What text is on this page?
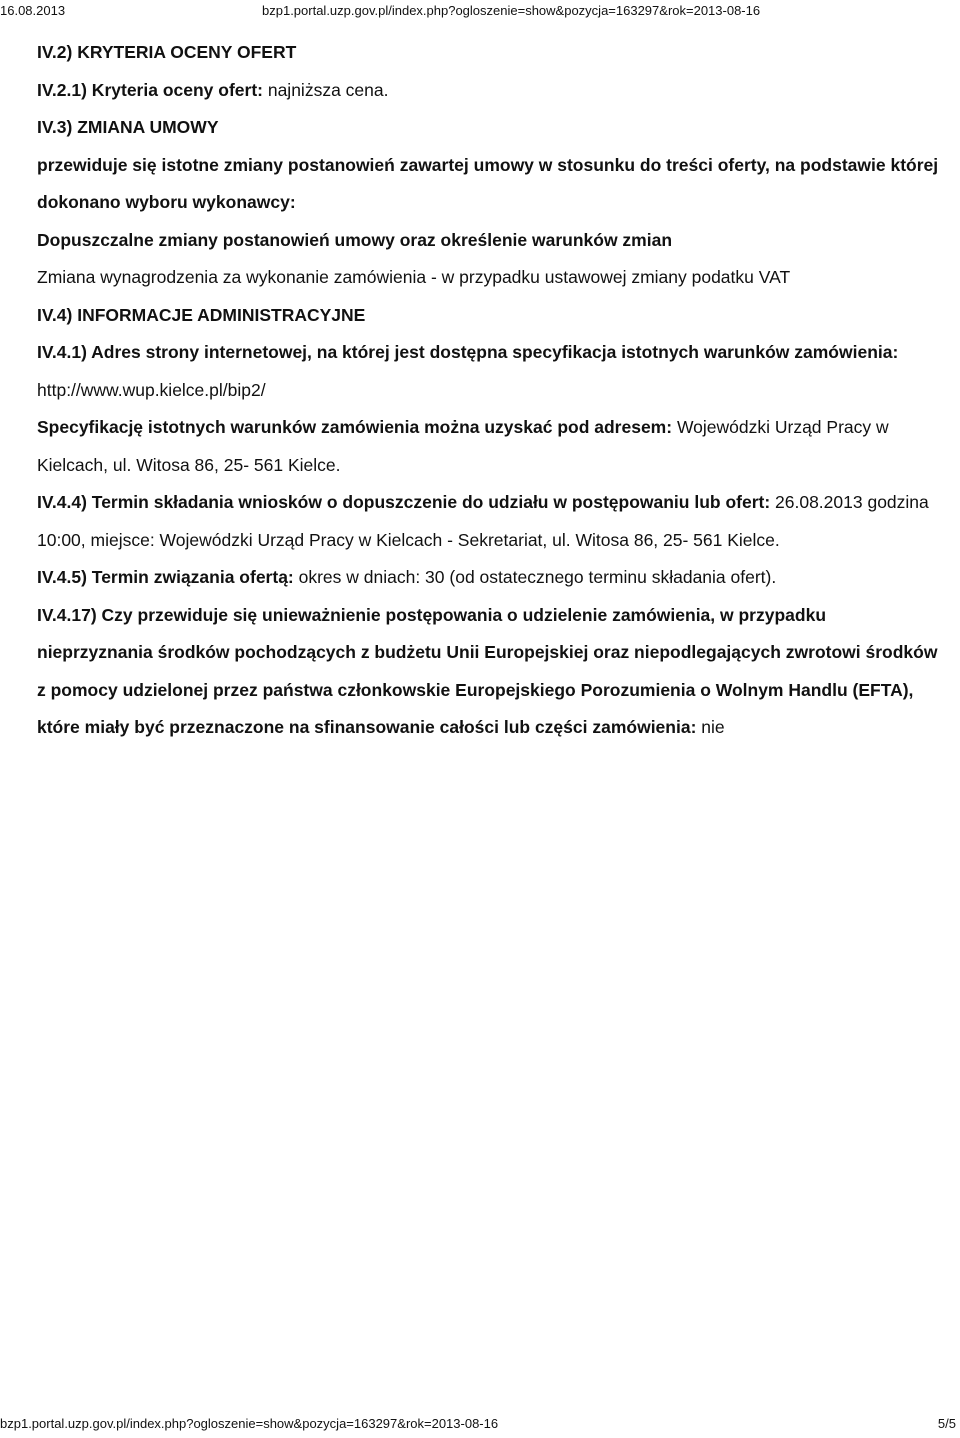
16.08.2013	bzp1.portal.uzp.gov.pl/index.php?ogloszenie=show&pozycja=163297&rok=2013-08-16

IV.2) KRYTERIA OCENY OFERT

IV.2.1) Kryteria oceny ofert: najniższa cena.

IV.3) ZMIANA UMOWY

przewiduje się istotne zmiany postanowień zawartej umowy w stosunku do treści oferty, na podstawie której dokonano wyboru wykonawcy:

Dopuszczalne zmiany postanowień umowy oraz określenie warunków zmian

Zmiana wynagrodzenia za wykonanie zamówienia - w przypadku ustawowej zmiany podatku VAT

IV.4) INFORMACJE ADMINISTRACYJNE

IV.4.1) Adres strony internetowej, na której jest dostępna specyfikacja istotnych warunków zamówienia: http://www.wup.kielce.pl/bip2/

Specyfikację istotnych warunków zamówienia można uzyskać pod adresem: Wojewódzki Urząd Pracy w Kielcach, ul. Witosa 86, 25- 561 Kielce.

IV.4.4) Termin składania wniosków o dopuszczenie do udziału w postępowaniu lub ofert: 26.08.2013 godzina 10:00, miejsce: Wojewódzki Urząd Pracy w Kielcach - Sekretariat, ul. Witosa 86, 25- 561 Kielce.

IV.4.5) Termin związania ofertą: okres w dniach: 30 (od ostatecznego terminu składania ofert).

IV.4.17) Czy przewiduje się unieważnienie postępowania o udzielenie zamówienia, w przypadku nieprzyznania środków pochodzących z budżetu Unii Europejskiej oraz niepodlegających zwrotowi środków z pomocy udzielonej przez państwa członkowskie Europejskiego Porozumienia o Wolnym Handlu (EFTA), które miały być przeznaczone na sfinansowanie całości lub części zamówienia: nie

bzp1.portal.uzp.gov.pl/index.php?ogloszenie=show&pozycja=163297&rok=2013-08-16	5/5
